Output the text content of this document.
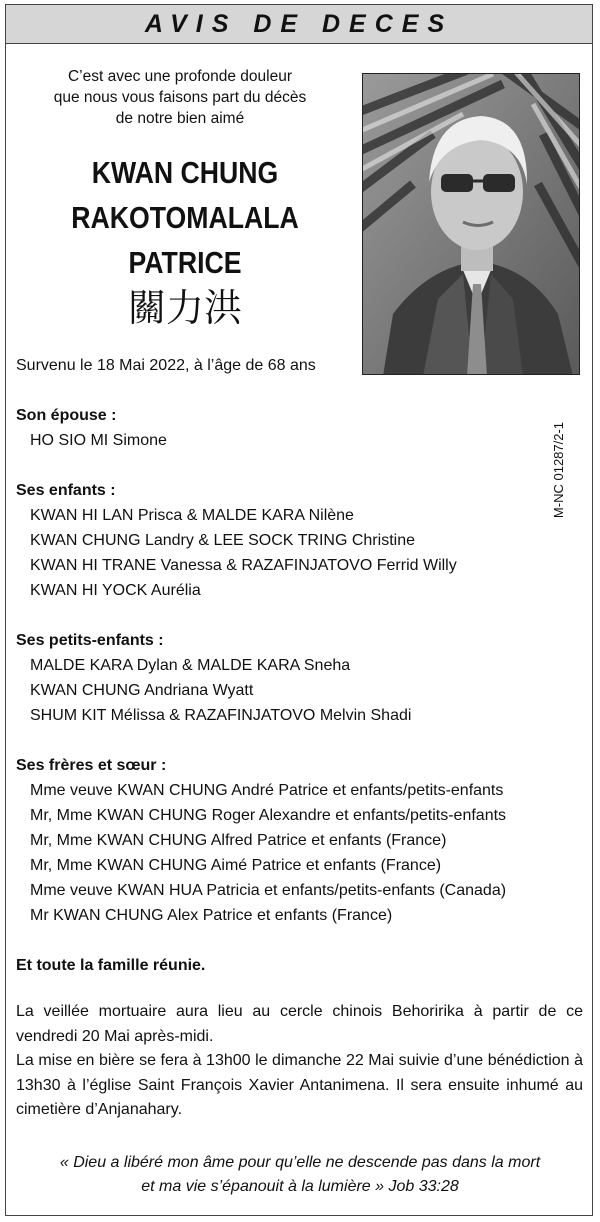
AVIS DE DECES
C’est avec une profonde douleur
que nous vous faisons part du décès
de notre bien aimé
KWAN CHUNG
RAKOTOMALALA
PATRICE
關力洪
M-NC 01287/2-1
Survenu le 18 Mai 2022, à l’âge de 68 ans
Son épouse :
HO SIO MI Simone
Ses enfants :
KWAN HI LAN Prisca & MALDE KARA Nilène
KWAN CHUNG Landry & LEE SOCK TRING Christine
KWAN HI TRANE Vanessa & RAZAFINJATOVO Ferrid Willy
KWAN HI YOCK Aurélia
Ses petits-enfants :
MALDE KARA Dylan & MALDE KARA Sneha
KWAN CHUNG Andriana Wyatt
SHUM KIT Mélissa & RAZAFINJATOVO Melvin Shadi
Ses frères et sœur :
Mme veuve KWAN CHUNG André Patrice et enfants/petits-enfants
Mr, Mme KWAN CHUNG Roger Alexandre et enfants/petits-enfants
Mr, Mme KWAN CHUNG Alfred Patrice et enfants (France)
Mr, Mme KWAN CHUNG Aimé Patrice et enfants (France)
Mme veuve KWAN HUA Patricia et enfants/petits-enfants (Canada)
Mr KWAN CHUNG Alex Patrice et enfants (France)
Et toute la famille réunie.
La veillée mortuaire aura lieu au cercle chinois Behoririka à partir de ce vendredi 20 Mai après-midi.
La mise en bière se fera à 13h00 le dimanche 22 Mai suivie d’une bénédiction à 13h30 à l’église Saint François Xavier Antanimena. Il sera ensuite inhumé au cimetière d’Anjanahary.
« Dieu a libéré mon âme pour qu’elle ne descende pas dans la mort
et ma vie s’épanouit à la lumière » Job 33:28
